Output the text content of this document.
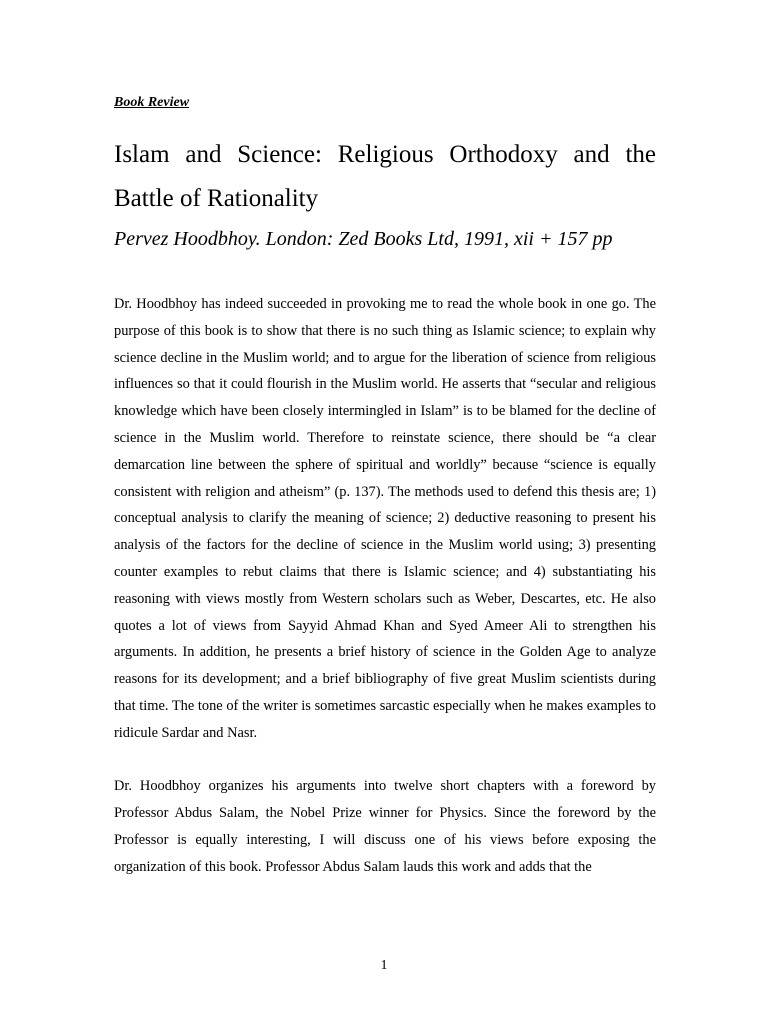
Book Review

Islam and Science: Religious Orthodoxy and the Battle of Rationality

Pervez Hoodbhoy. London: Zed Books Ltd, 1991, xii + 157 pp

Dr. Hoodbhoy has indeed succeeded in provoking me to read the whole book in one go. The purpose of this book is to show that there is no such thing as Islamic science; to explain why science decline in the Muslim world; and to argue for the liberation of science from religious influences so that it could flourish in the Muslim world. He asserts that “secular and religious knowledge which have been closely intermingled in Islam” is to be blamed for the decline of science in the Muslim world. Therefore to reinstate science, there should be “a clear demarcation line between the sphere of spiritual and worldly” because “science is equally consistent with religion and atheism” (p. 137). The methods used to defend this thesis are; 1) conceptual analysis to clarify the meaning of science; 2) deductive reasoning to present his analysis of the factors for the decline of science in the Muslim world using; 3) presenting counter examples to rebut claims that there is Islamic science; and 4) substantiating his reasoning with views mostly from Western scholars such as Weber, Descartes, etc. He also quotes a lot of views from Sayyid Ahmad Khan and Syed Ameer Ali to strengthen his arguments. In addition, he presents a brief history of science in the Golden Age to analyze reasons for its development; and a brief bibliography of five great Muslim scientists during that time. The tone of the writer is sometimes sarcastic especially when he makes examples to ridicule Sardar and Nasr.

Dr. Hoodbhoy organizes his arguments into twelve short chapters with a foreword by Professor Abdus Salam, the Nobel Prize winner for Physics. Since the foreword by the Professor is equally interesting, I will discuss one of his views before exposing the organization of this book. Professor Abdus Salam lauds this work and adds that the

1
